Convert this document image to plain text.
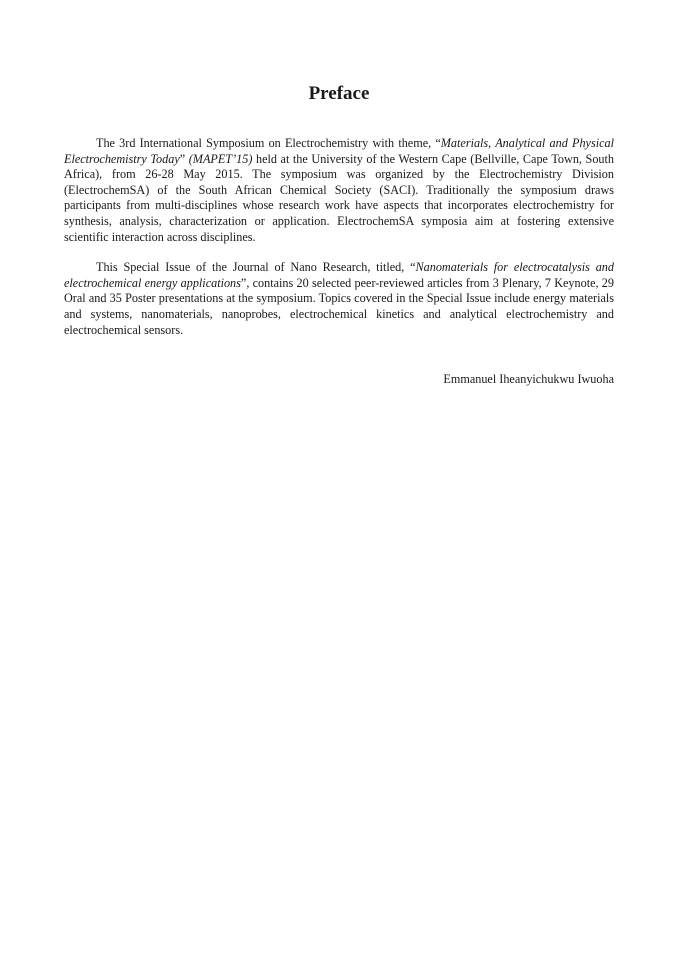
Preface

The 3rd International Symposium on Electrochemistry with theme, “Materials, Analytical and Physical Electrochemistry Today” (MAPET’15) held at the University of the Western Cape (Bellville, Cape Town, South Africa), from 26-28 May 2015. The symposium was organized by the Electrochemistry Division (ElectrochemSA) of the South African Chemical Society (SACI). Traditionally the symposium draws participants from multi-disciplines whose research work have aspects that incorporates electrochemistry for synthesis, analysis, characterization or application. ElectrochemSA symposia aim at fostering extensive scientific interaction across disciplines.

This Special Issue of the Journal of Nano Research, titled, “Nanomaterials for electrocatalysis and electrochemical energy applications”, contains 20 selected peer-reviewed articles from 3 Plenary, 7 Keynote, 29 Oral and 35 Poster presentations at the symposium. Topics covered in the Special Issue include energy materials and systems, nanomaterials, nanoprobes, electrochemical kinetics and analytical electrochemistry and electrochemical sensors.

Emmanuel Iheanyichukwu Iwuoha
